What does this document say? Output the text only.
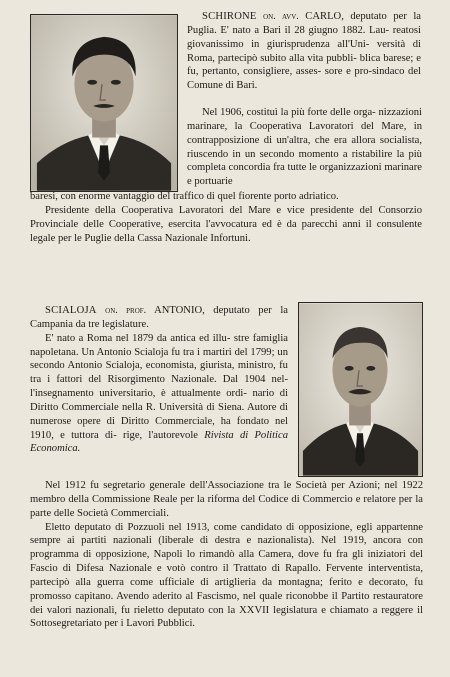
SCHIRONE on. avv. CARLO, deputato per la Puglia. E' nato a Bari il 28 giugno 1882. Lau- reatosi giovanissimo in giurisprudenza all'Uni- versità di Roma, partecipò subito alla vita pubbli- blica barese; e fu, pertanto, consigliere, asses- sore e pro-sindaco del Comune di Bari.

Nel 1906, costituì la più forte delle orga- nizzazioni marinare, la Cooperativa Lavoratori del Mare, in contrapposizione di un'altra, che era allora socialista, riuscendo in un secondo momento a ristabilire la più completa concordia fra tutte le organizzazioni marinare e portuarie

baresi, con enorme vantaggio del traffico di quel fiorente porto adriatico.

Presidente della Cooperativa Lavoratori del Mare e vice presidente del Consorzio Provinciale delle Cooperative, esercita l'avvocatura ed è da parecchi anni il consulente legale per le Puglie della Cassa Nazionale Infortuni.

SCIALOJA on. prof. ANTONIO, deputato per la Campania da tre legislature.

E' nato a Roma nel 1879 da antica ed illu- stre famiglia napoletana. Un Antonio Scialoja fu tra i martiri del 1799; un secondo Antonio Scialoja, economista, giurista, ministro, fu tra i fattori del Risorgimento Nazionale. Dal 1904 nel- l'insegnamento universitario, è attualmente ordi- nario di Diritto Commerciale nella R. Università di Siena. Autore di numerose opere di Diritto Commerciale, ha fondato nel 1910, e tuttora di- rige, l'autorevole Rivista di Politica Economica.

Nel 1912 fu segretario generale dell'Associazione tra le Società per Azioni; nel 1922 membro della Commissione Reale per la riforma del Codice di Commercio e relatore per la parte delle Società Commerciali.

Eletto deputato di Pozzuoli nel 1913, come candidato di opposizione, egli appartenne sempre ai partiti nazionali (liberale di destra e nazionalista). Nel 1919, ancora con programma di opposizione, Napoli lo rimandò alla Camera, dove fu fra gli iniziatori del Fascio di Difesa Nazionale e votò contro il Trattato di Rapallo. Fervente interventista, partecipò alla guerra come ufficiale di artiglieria da montagna; ferito e decorato, fu promosso capitano. Avendo aderito al Fascismo, nel quale riconobbe il Partito restauratore dei valori nazionali, fu rieletto deputato con la XXVII legislatura e chiamato a reggere il Sottosegretariato per i Lavori Pubblici.
